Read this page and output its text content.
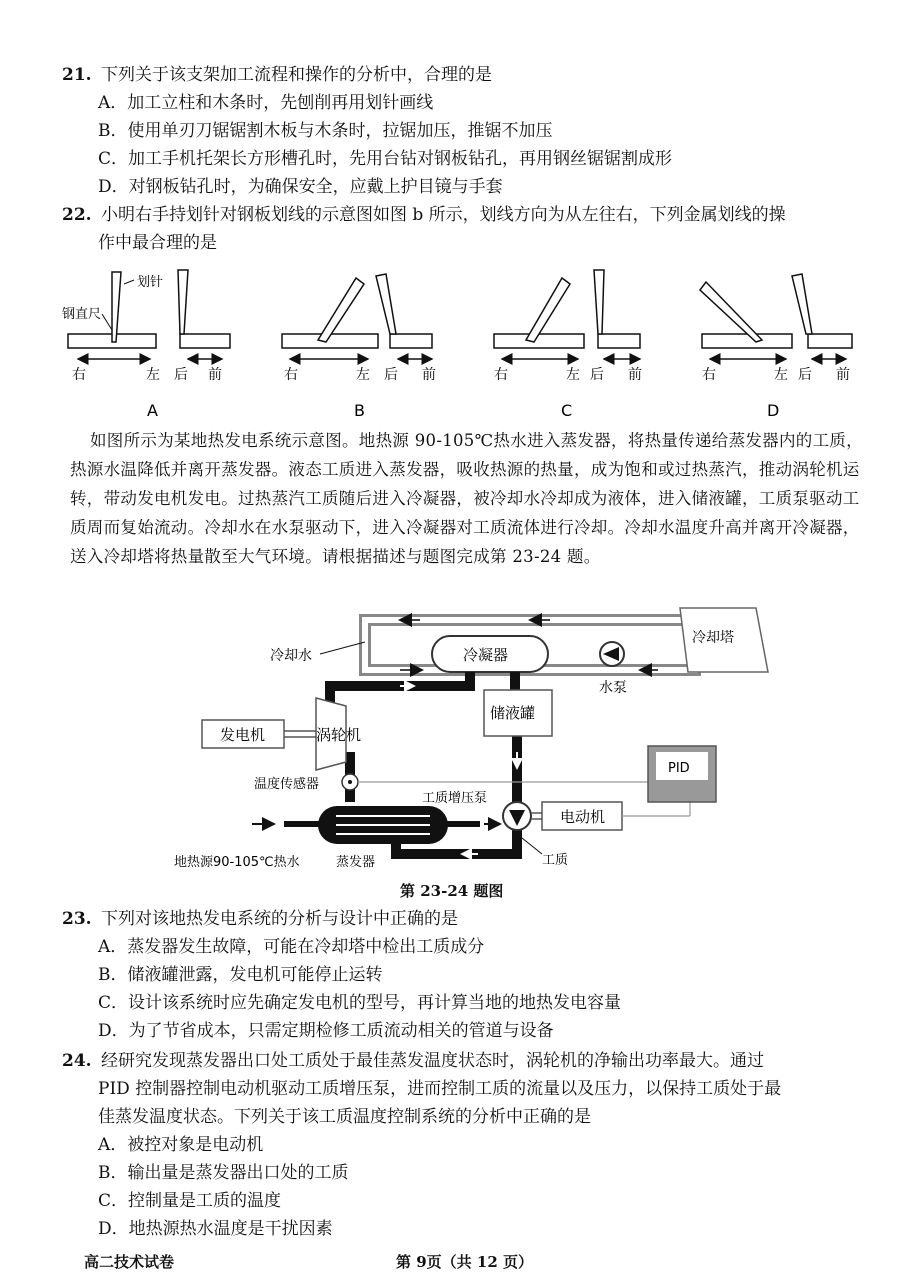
21. 下列关于该支架加工流程和操作的分析中，合理的是
A．加工立柱和木条时，先刨削再用划针画线
B．使用单刃刀锯锯割木板与木条时，拉锯加压，推锯不加压
C．加工手机托架长方形槽孔时，先用台钻对钢板钻孔，再用钢丝锯锯割成形
D．对钢板钻孔时，为确保安全，应戴上护目镜与手套
22. 小明右手持划针对钢板划线的示意图如图 b 所示，划线方向为从左往右，下列金属划线的操
作中最合理的是
划针
钢直尺
右	左 后 前
A
右	左 后 前
B
右	左 后 前
C
右	左 后 前
D
如图所示为某地热发电系统示意图。地热源 90-105℃热水进入蒸发器，将热量传递给蒸发器内的工质，热源水温降低并离开蒸发器。液态工质进入蒸发器，吸收热源的热量，成为饱和或过热蒸汽，推动涡轮机运转，带动发电机发电。过热蒸汽工质随后进入冷凝器，被冷却水冷却成为液体，进入储液罐，工质泵驱动工质周而复始流动。冷却水在水泵驱动下，进入冷凝器对工质流体进行冷却。冷却水温度升高并离开冷凝器，送入冷却塔将热量散至大气环境。请根据描述与题图完成第 23-24 题。
冷却塔
冷却水	冷凝器
水泵
地热源90-105℃热水	蒸发器
涡轮机
发电机
储液罐
温度传感器
工质增压泵
电动机
PID
工质
第 23-24 题图
23. 下列对该地热发电系统的分析与设计中正确的是
A．蒸发器发生故障，可能在冷却塔中检出工质成分
B．储液罐泄露，发电机可能停止运转
C．设计该系统时应先确定发电机的型号，再计算当地的地热发电容量
D．为了节省成本，只需定期检修工质流动相关的管道与设备
24. 经研究发现蒸发器出口处工质处于最佳蒸发温度状态时，涡轮机的净输出功率最大。通过
PID 控制器控制电动机驱动工质增压泵，进而控制工质的流量以及压力，以保持工质处于最
佳蒸发温度状态。下列关于该工质温度控制系统的分析中正确的是
A．被控对象是电动机
B．输出量是蒸发器出口处的工质
C．控制量是工质的温度
D．地热源热水温度是干扰因素
高二技术试卷	第 9页（共 12 页）
